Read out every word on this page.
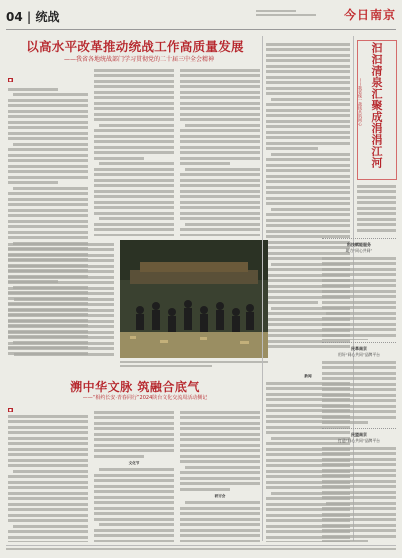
04 | 统战	今日南京
以高水平改革推动统战工作高质量发展
——我省各地统战部门学习贯彻党的二十届三中全会精神
■
溯中华文脉 筑融合底气
——“相约长安·青春同行”2024陕台文化交流周活动侧记
■
文化节
研讨会
新闻
汩汩清泉汇聚成涓涓江河
——我省统一战线共筑同心
科技赋能服务
助力“同心共同”
民革南京
用好“同心共同”品牌平台
民盟南京
打造“同心共同”品牌平台
